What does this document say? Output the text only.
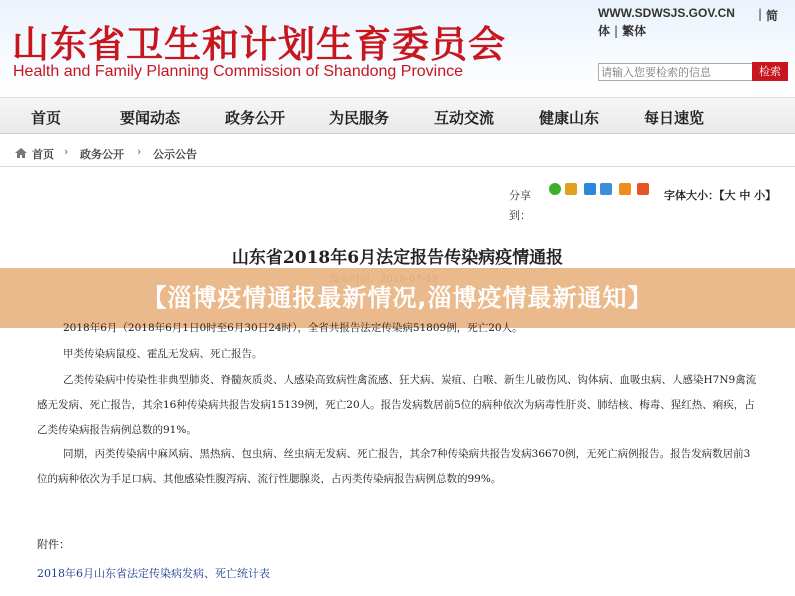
山东省卫生和计划生育委员会
Health and Family Planning Commission of Shandong Province
WWW.SDWSJS.GOV.CN | 简
体 | 繁体
请输入您要检索的信息
检索
首页	要闻动态	政务公开	为民服务	互动交流	健康山东	每日速览
首页 › 政务公开 › 公示公告
分享到：
字体大小：【大 中 小】
山东省2018年6月法定报告传染病疫情通报
【淄博疫情通报最新情况,淄博疫情最新通知】
2018年6月（2018年6月1日0时至6月30日24时），全省共报告法定传染病51809例，死亡20人。
甲类传染病鼠疫、霍乱无发病、死亡报告。
乙类传染病中传染性非典型肺炎、脊髓灰质炎、人感染高致病性禽流感、狂犬病、炭疽、白喉、新生儿破伤风、钩体病、血吸虫病、人感染H7N9禽流感无发病、死亡报告，其余16种传染病共报告发病15139例，死亡20人。报告发病数居前5位的病种依次为病毒性肝炎、肺结核、梅毒、猩红热、痢疾，占乙类传染病报告病例总数的91%。
同期，丙类传染病中麻风病、黑热病、包虫病、丝虫病无发病、死亡报告，其余7种传染病共报告发病36670例，无死亡病例报告。报告发病数居前3位的病种依次为手足口病、其他感染性腹泻病、流行性腮腺炎，占丙类传染病报告病例总数的99%。
附件：
2018年6月山东省法定传染病发病、死亡统计表
